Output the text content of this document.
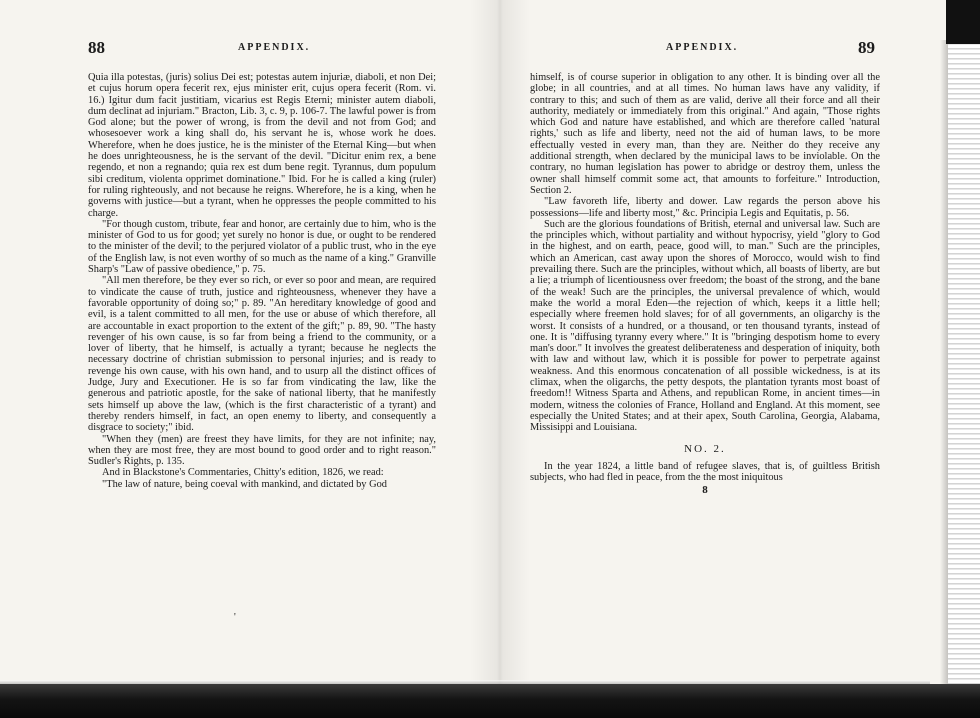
88	APPENDIX.

Quia illa potestas, (juris) solius Dei est; potestas autem injuriæ, diaboli, et non Dei; et cujus horum opera fecerit rex, ejus minister erit, cujus opera fecerit (Rom. vi. 16.) Igitur dum facit justitiam, vicarius est Regis Eterni; minister autem diaboli, dum declinat ad injuriam." Bracton, Lib. 3, c. 9, p. 106-7. The lawful power is from God alone; but the power of wrong, is from the devil and not from God; and whosesoever work a king shall do, his servant he is, whose work he does. Wherefore, when he does justice, he is the minister of the Eternal King—but when he does unrighteousness, he is the servant of the devil. "Dicitur enim rex, a bene regendo, et non a regnando; quia rex est dum bene regit. Tyrannus, dum populum sibi creditum, violenta opprimet dominatione." Ibid. For he is called a king (ruler) for ruling righteously, and not because he reigns. Wherefore, he is a king, when he governs with justice—but a tyrant, when he oppresses the people committed to his charge.

"For though custom, tribute, fear and honor, are certainly due to him, who is the minister of God to us for good; yet surely no honor is due, or ought to be rendered to the minister of the devil; to the perjured violator of a public trust, who in the eye of the English law, is not even worthy of so much as the name of a king." Granville Sharp's "Law of passive obedience," p. 75.

"All men therefore, be they ever so rich, or ever so poor and mean, are required to vindicate the cause of truth, justice and righteousness, whenever they have a favorable opportunity of doing so;" p. 89. "An hereditary knowledge of good and evil, is a talent committed to all men, for the use or abuse of which therefore, all are accountable in exact proportion to the extent of the gift;" p. 89, 90. "The hasty revenger of his own cause, is so far from being a friend to the community, or a lover of liberty, that he himself, is actually a tyrant; because he neglects the necessary doctrine of christian submission to personal injuries; and is ready to revenge his own cause, with his own hand, and to usurp all the distinct offices of Judge, Jury and Executioner. He is so far from vindicating the law, like the generous and patriotic apostle, for the sake of national liberty, that he manifestly sets himself up above the law, (which is the first characteristic of a tyrant) and thereby renders himself, in fact, an open enemy to liberty, and consequently a disgrace to society;" ibid.

"When they (men) are freest they have limits, for they are not infinite; nay, when they are most free, they are most bound to good order and to right reason." Sudler's Rights, p. 135.

And in Blackstone's Commentaries, Chitty's edition, 1826, we read:

"The law of nature, being coeval with mankind, and dictated by God

'
APPENDIX.	89

himself, is of course superior in obligation to any other. It is binding over all the globe; in all countries, and at all times. No human laws have any validity, if contrary to this; and such of them as are valid, derive all their force and all their authority, mediately or immediately from this original." And again, "Those rights which God and nature have established, and which are therefore called 'natural rights,' such as life and liberty, need not the aid of human laws, to be more effectually vested in every man, than they are. Neither do they receive any additional strength, when declared by the municipal laws to be inviolable. On the contrary, no human legislation has power to abridge or destroy them, unless the owner shall himself commit some act, that amounts to forfeiture." Introduction, Section 2.

"Law favoreth life, liberty and dower. Law regards the person above his possessions—life and liberty most," &c. Principia Legis and Equitatis, p. 56.

Such are the glorious foundations of British, eternal and universal law. Such are the principles which, without partiality and without hypocrisy, yield "glory to God in the highest, and on earth, peace, good will, to man." Such are the principles, which an American, cast away upon the shores of Morocco, would wish to find prevailing there. Such are the principles, without which, all boasts of liberty, are but a lie; a triumph of licentiousness over freedom; the boast of the strong, and the bane of the weak! Such are the principles, the universal prevalence of which, would make the world a moral Eden—the rejection of which, keeps it a little hell; especially where freemen hold slaves; for of all governments, an oligarchy is the worst. It consists of a hundred, or a thousand, or ten thousand tyrants, instead of one. It is "diffusing tyranny every where." It is "bringing despotism home to every man's door." It involves the greatest deliberateness and desperation of iniquity, both with law and without law, which it is possible for power to perpetrate against weakness. And this enormous concatenation of all possible wickedness, is at its climax, when the oligarchs, the petty despots, the plantation tyrants most boast of freedom!! Witness Sparta and Athens, and republican Rome, in ancient times—in modern, witness the colonies of France, Holland and England. At this moment, see especially the United States; and at their apex, South Carolina, Georgia, Alabama, Missisippi and Louisiana.

NO. 2.

In the year 1824, a little band of refugee slaves, that is, of guiltless British subjects, who had fled in peace, from the the most iniquitous

8
